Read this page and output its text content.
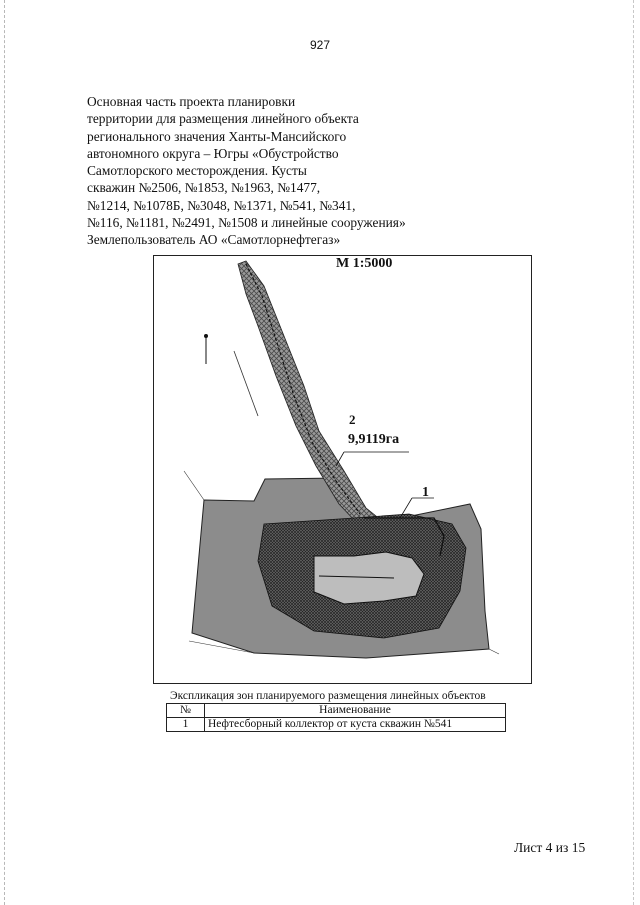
927
Основная часть проекта планировки
территории для размещения линейного объекта
регионального значения Ханты-Мансийского
автономного округа – Югры «Обустройство
Самотлорского месторождения. Кусты
скважин №2506, №1853, №1963, №1477,
№1214, №1078Б, №3048, №1371, №541, №341,
№116, №1181, №2491, №1508 и линейные сооружения»
Землепользователь АО «Самотлорнефтегаз»
М 1:5000
2
9,9119га
1
Экспликация зон планируемого размещения линейных объектов
№	Наименование
1	Нефтесборный коллектор от куста скважин №541
Лист 4 из 15
